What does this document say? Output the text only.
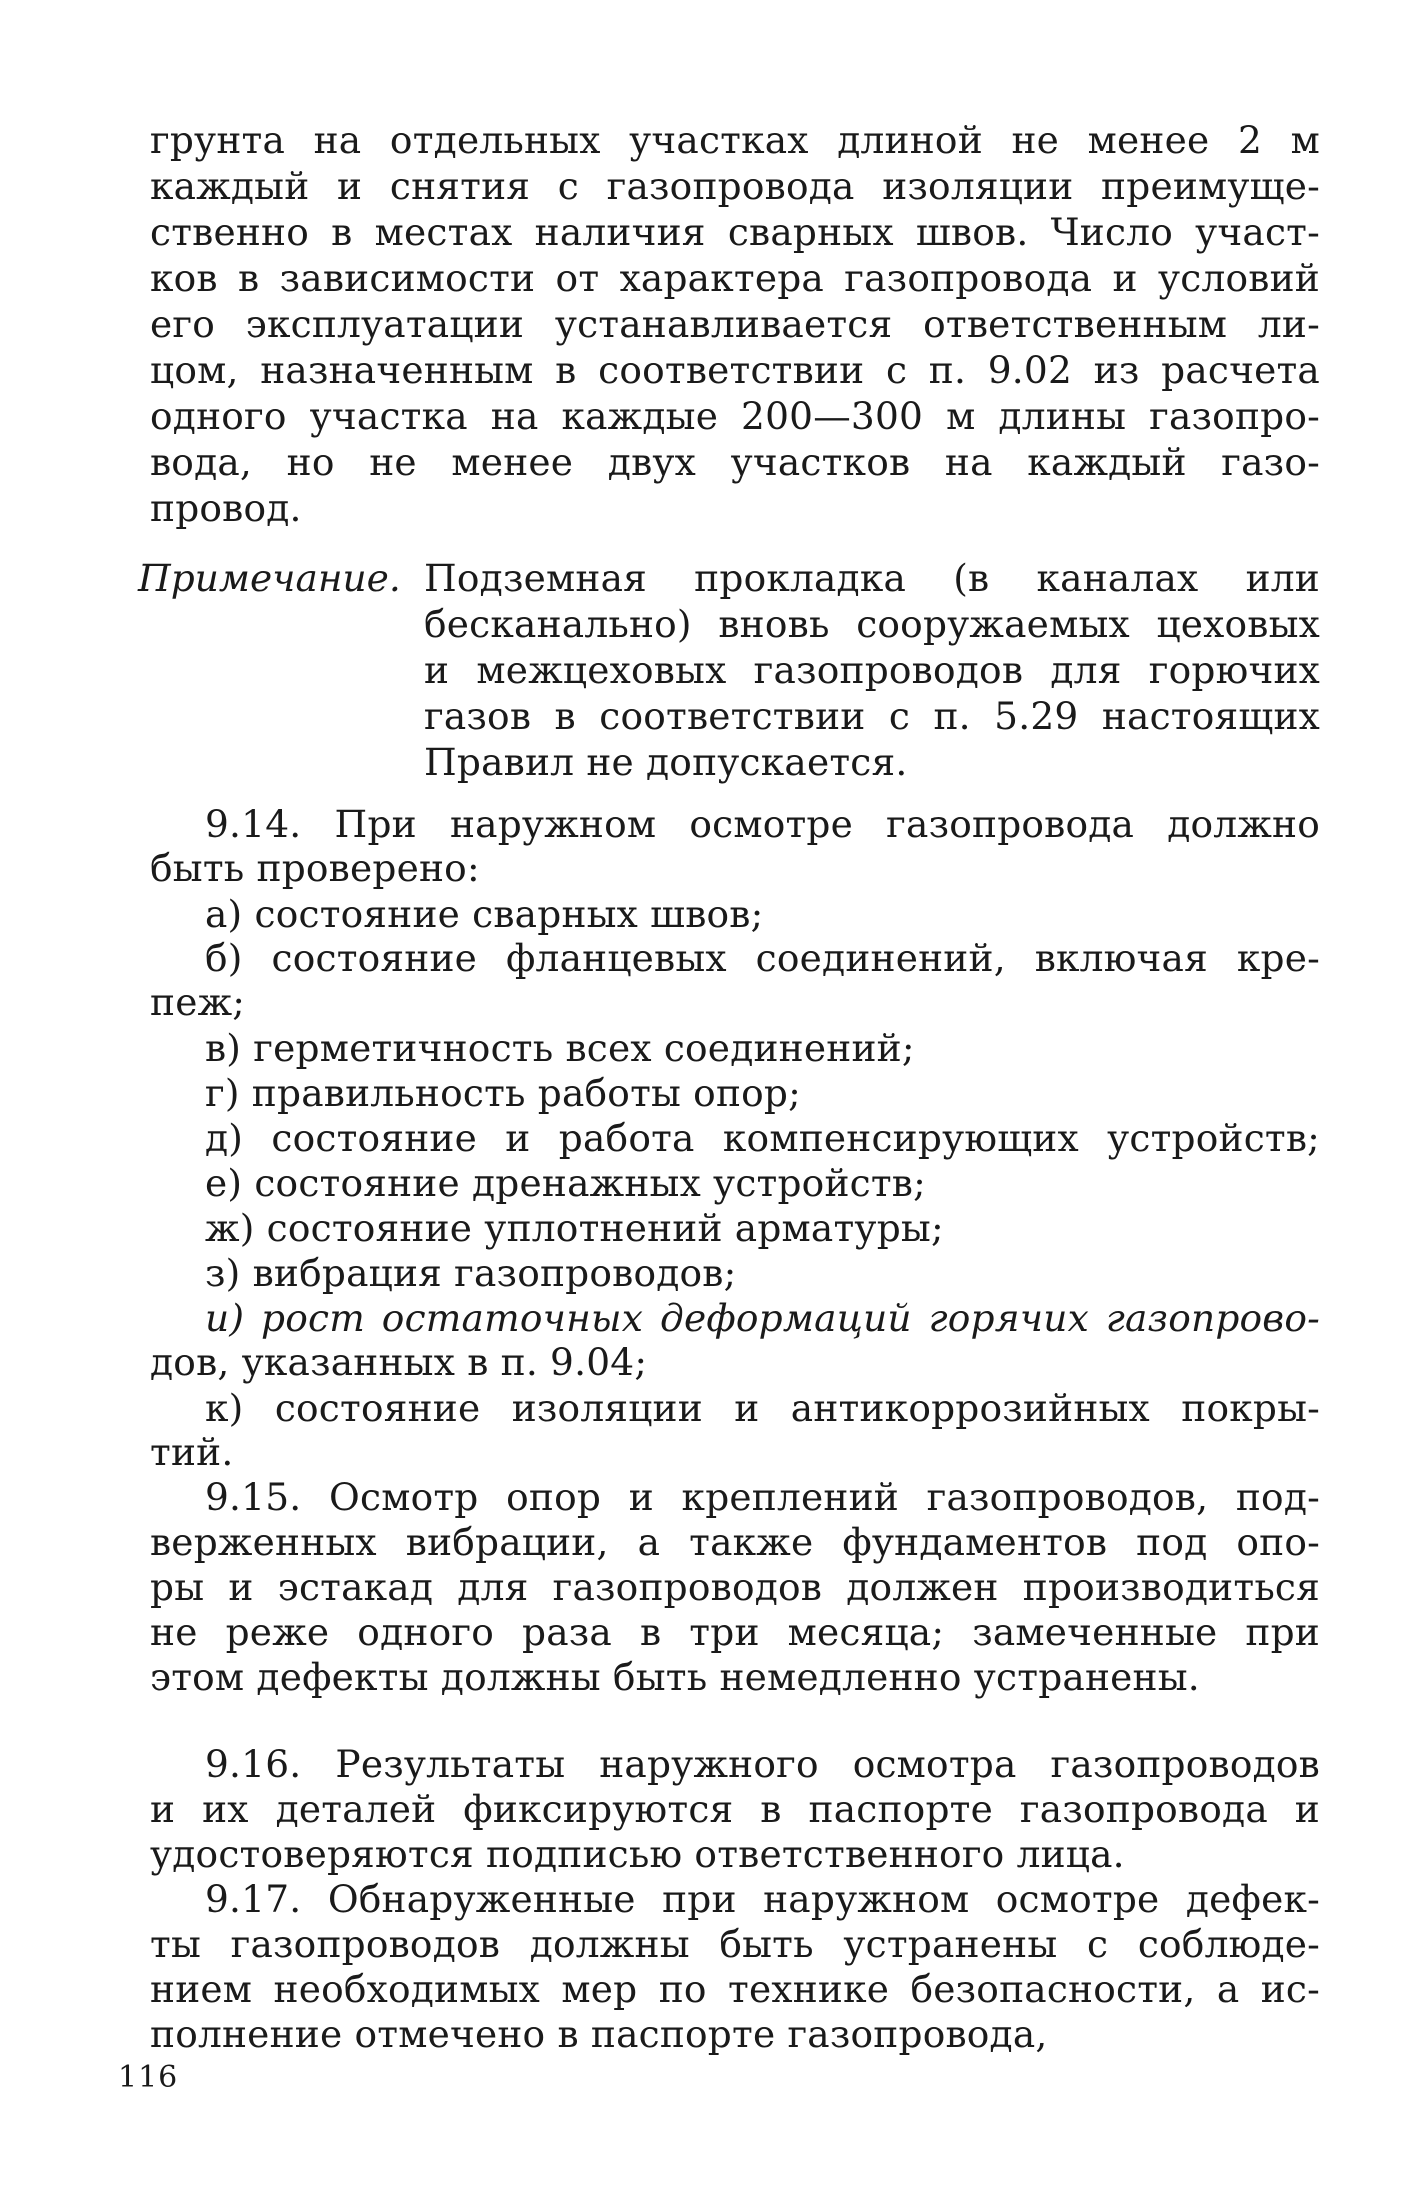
грунта на отдельных участках длиной не менее 2 м
каждый и снятия с газопровода изоляции преимуще-
ственно в местах наличия сварных швов. Число участ-
ков в зависимости от характера газопровода и условий
его эксплуатации устанавливается ответственным ли-
цом, назначенным в соответствии с п. 9.02 из расчета
одного участка на каждые 200—300 м длины газопро-
вода, но не менее двух участков на каждый газо-
провод.
Примечание. Подземная прокладка (в каналах или
бесканально) вновь сооружаемых цеховых
и межцеховых газопроводов для горючих
газов в соответствии с п. 5.29 настоящих
Правил не допускается.
9.14. При наружном осмотре газопровода должно
быть проверено:
а) состояние сварных швов;
б) состояние фланцевых соединений, включая кре-
пеж;
в) герметичность всех соединений;
г) правильность работы опор;
д) состояние и работа компенсирующих устройств;
е) состояние дренажных устройств;
ж) состояние уплотнений арматуры;
з) вибрация газопроводов;
и) рост остаточных деформаций горячих газопрово-
дов, указанных в п. 9.04;
к) состояние изоляции и антикоррозийных покры-
тий.
9.15. Осмотр опор и креплений газопроводов, под-
верженных вибрации, а также фундаментов под опо-
ры и эстакад для газопроводов должен производиться
не реже одного раза в три месяца; замеченные при
этом дефекты должны быть немедленно устранены.
9.16. Результаты наружного осмотра газопроводов
и их деталей фиксируются в паспорте газопровода и
удостоверяются подписью ответственного лица.
9.17. Обнаруженные при наружном осмотре дефек-
ты газопроводов должны быть устранены с соблюде-
нием необходимых мер по технике безопасности, а ис-
полнение отмечено в паспорте газопровода,
116
